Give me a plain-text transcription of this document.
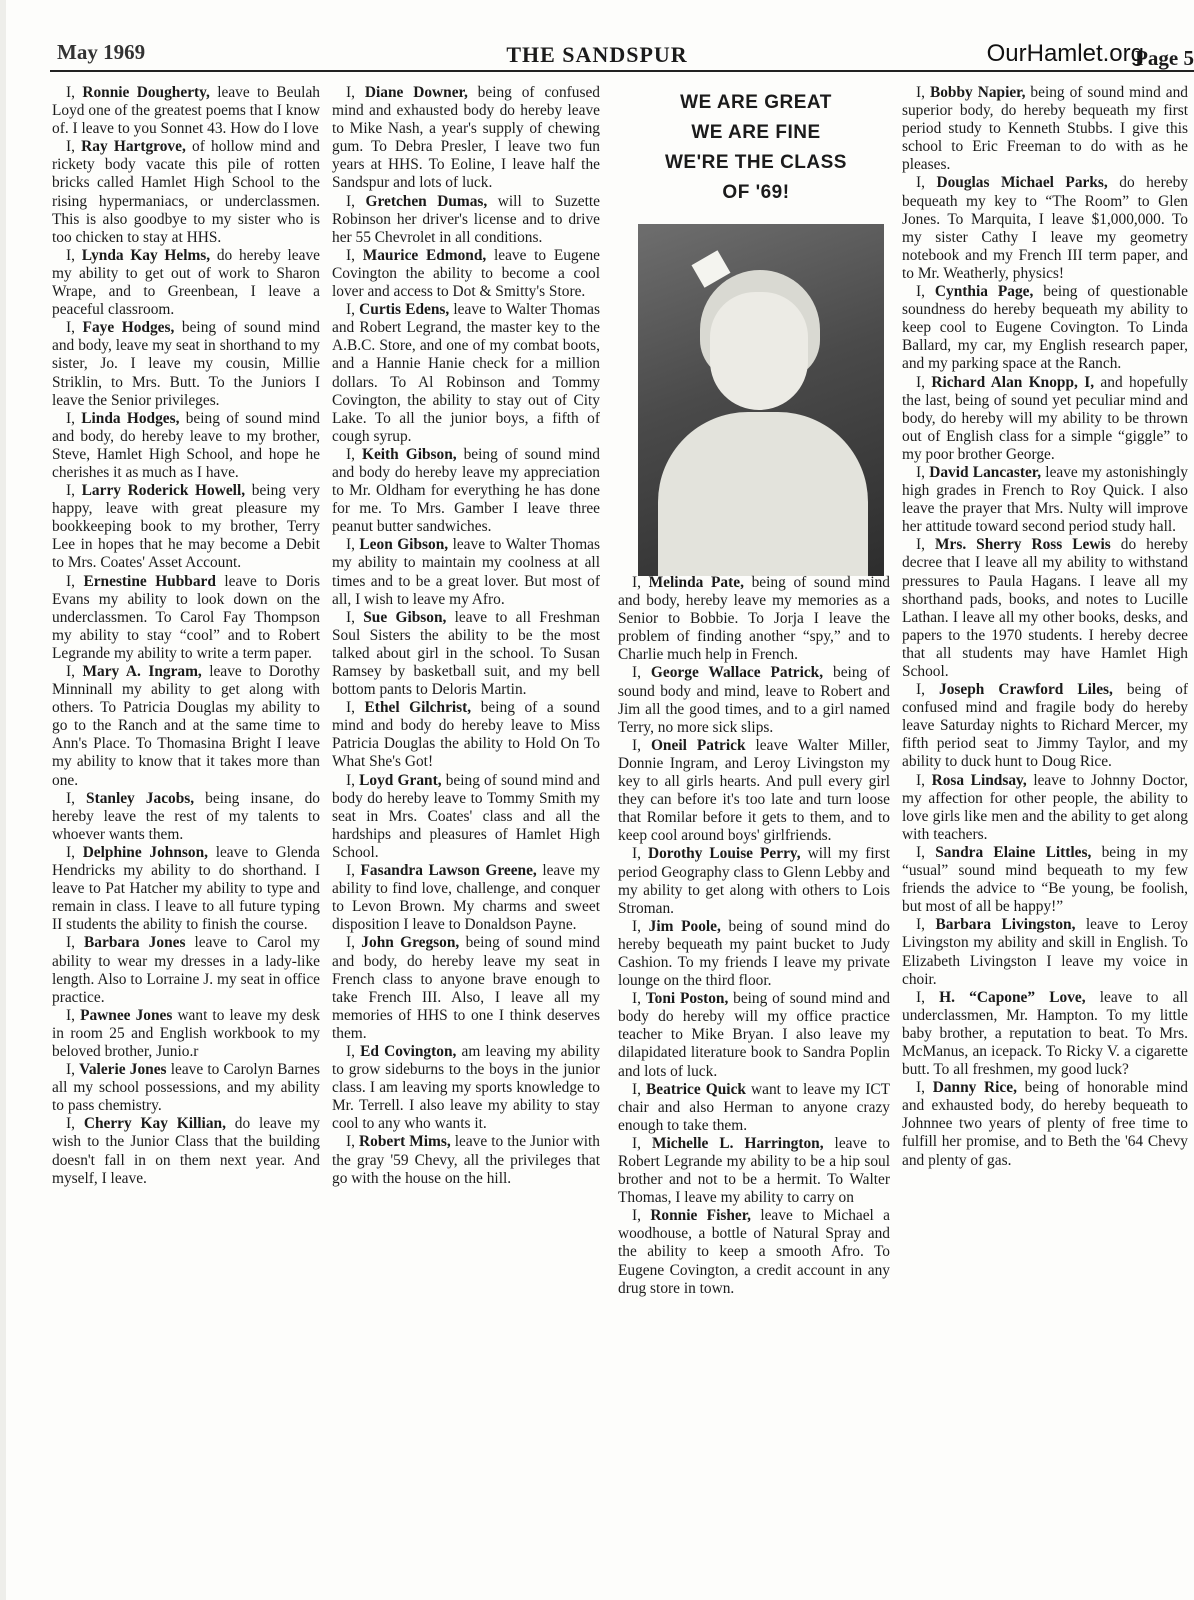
May 1969	THE SANDSPUR	Page 5
OurHamlet.org

I, Ronnie Dougherty, leave to Beulah Loyd one of the greatest poems that I know of. I leave to you Sonnet 43. How do I love

I, Ray Hartgrove, of hollow mind and rickety body vacate this pile of rotten bricks called Hamlet High School to the rising hypermaniacs, or underclassmen. This is also goodbye to my sister who is too chicken to stay at HHS.

I, Lynda Kay Helms, do hereby leave my ability to get out of work to Sharon Wrape, and to Greenbean, I leave a peaceful classroom.

I, Faye Hodges, being of sound mind and body, leave my seat in shorthand to my sister, Jo. I leave my cousin, Millie Striklin, to Mrs. Butt. To the Juniors I leave the Senior privileges.

I, Linda Hodges, being of sound mind and body, do hereby leave to my brother, Steve, Hamlet High School, and hope he cherishes it as much as I have.

I, Larry Roderick Howell, being very happy, leave with great pleasure my bookkeeping book to my brother, Terry Lee in hopes that he may become a Debit to Mrs. Coates' Asset Account.

I, Ernestine Hubbard leave to Doris Evans my ability to look down on the underclassmen. To Carol Fay Thompson my ability to stay “cool” and to Robert Legrande my ability to write a term paper.

I, Mary A. Ingram, leave to Dorothy Minninall my ability to get along with others. To Patricia Douglas my ability to go to the Ranch and at the same time to Ann's Place. To Thomasina Bright I leave my ability to know that it takes more than one.

I, Stanley Jacobs, being insane, do hereby leave the rest of my talents to whoever wants them.

I, Delphine Johnson, leave to Glenda Hendricks my ability to do shorthand. I leave to Pat Hatcher my ability to type and remain in class. I leave to all future typing II students the ability to finish the course.

I, Barbara Jones leave to Carol my ability to wear my dresses in a lady-like length. Also to Lorraine J. my seat in office practice.

I, Pawnee Jones want to leave my desk in room 25 and English workbook to my beloved brother, Junio.r

I, Valerie Jones leave to Carolyn Barnes all my school possessions, and my ability to pass chemistry.

I, Cherry Kay Killian, do leave my wish to the Junior Class that the building doesn't fall in on them next year. And myself, I leave.

I, Diane Downer, being of confused mind and exhausted body do hereby leave to Mike Nash, a year's supply of chewing gum. To Debra Presler, I leave two fun years at HHS. To Eoline, I leave half the Sandspur and lots of luck.

I, Gretchen Dumas, will to Suzette Robinson her driver's license and to drive her 55 Chevrolet in all conditions.

I, Maurice Edmond, leave to Eugene Covington the ability to become a cool lover and access to Dot & Smitty's Store.

I, Curtis Edens, leave to Walter Thomas and Robert Legrand, the master key to the A.B.C. Store, and one of my combat boots, and a Hannie Hanie check for a million dollars. To Al Robinson and Tommy Covington, the ability to stay out of City Lake. To all the junior boys, a fifth of cough syrup.

I, Keith Gibson, being of sound mind and body do hereby leave my appreciation to Mr. Oldham for everything he has done for me. To Mrs. Gamber I leave three peanut butter sandwiches.

I, Leon Gibson, leave to Walter Thomas my ability to maintain my coolness at all times and to be a great lover. But most of all, I wish to leave my Afro.

I, Sue Gibson, leave to all Freshman Soul Sisters the ability to be the most talked about girl in the school. To Susan Ramsey by basketball suit, and my bell bottom pants to Deloris Martin.

I, Ethel Gilchrist, being of a sound mind and body do hereby leave to Miss Patricia Douglas the ability to Hold On To What She's Got!

I, Loyd Grant, being of sound mind and body do hereby leave to Tommy Smith my seat in Mrs. Coates' class and all the hardships and pleasures of Hamlet High School.

I, Fasandra Lawson Greene, leave my ability to find love, challenge, and conquer to Levon Brown. My charms and sweet disposition I leave to Donaldson Payne.

I, John Gregson, being of sound mind and body, do hereby leave my seat in French class to anyone brave enough to take French III. Also, I leave all my memories of HHS to one I think deserves them.

I, Ed Covington, am leaving my ability to grow sideburns to the boys in the junior class. I am leaving my sports knowledge to Mr. Terrell. I also leave my ability to stay cool to any who wants it.

I, Robert Mims, leave to the Junior with the gray '59 Chevy, all the privileges that go with the house on the hill.

WE ARE GREAT
WE ARE FINE
WE'RE THE CLASS
OF '69!

I, Melinda Pate, being of sound mind and body, hereby leave my memories as a Senior to Bobbie. To Jorja I leave the problem of finding another “spy,” and to Charlie much help in French.

I, George Wallace Patrick, being of sound body and mind, leave to Robert and Jim all the good times, and to a girl named Terry, no more sick slips.

I, Oneil Patrick leave Walter Miller, Donnie Ingram, and Leroy Livingston my key to all girls hearts. And pull every girl they can before it's too late and turn loose that Romilar before it gets to them, and to keep cool around boys' girlfriends.

I, Dorothy Louise Perry, will my first period Geography class to Glenn Lebby and my ability to get along with others to Lois Stroman.

I, Jim Poole, being of sound mind do hereby bequeath my paint bucket to Judy Cashion. To my friends I leave my private lounge on the third floor.

I, Toni Poston, being of sound mind and body do hereby will my office practice teacher to Mike Bryan. I also leave my dilapidated literature book to Sandra Poplin and lots of luck.

I, Beatrice Quick want to leave my ICT chair and also Herman to anyone crazy enough to take them.

I, Michelle L. Harrington, leave to Robert Legrande my ability to be a hip soul brother and not to be a hermit. To Walter Thomas, I leave my ability to carry on

I, Ronnie Fisher, leave to Michael a woodhouse, a bottle of Natural Spray and the ability to keep a smooth Afro. To Eugene Covington, a credit account in any drug store in town.

I, Bobby Napier, being of sound mind and superior body, do hereby bequeath my first period study to Kenneth Stubbs. I give this school to Eric Freeman to do with as he pleases.

I, Douglas Michael Parks, do hereby bequeath my key to “The Room” to Glen Jones. To Marquita, I leave $1,000,000. To my sister Cathy I leave my geometry notebook and my French III term paper, and to Mr. Weatherly, physics!

I, Cynthia Page, being of questionable soundness do hereby bequeath my ability to keep cool to Eugene Covington. To Linda Ballard, my car, my English research paper, and my parking space at the Ranch.

I, Richard Alan Knopp, I, and hopefully the last, being of sound yet peculiar mind and body, do hereby will my ability to be thrown out of English class for a simple “giggle” to my poor brother George.

I, David Lancaster, leave my astonishingly high grades in French to Roy Quick. I also leave the prayer that Mrs. Nulty will improve her attitude toward second period study hall.

I, Mrs. Sherry Ross Lewis do hereby decree that I leave all my ability to withstand pressures to Paula Hagans. I leave all my shorthand pads, books, and notes to Lucille Lathan. I leave all my other books, desks, and papers to the 1970 students. I hereby decree that all students may have Hamlet High School.

I, Joseph Crawford Liles, being of confused mind and fragile body do hereby leave Saturday nights to Richard Mercer, my fifth period seat to Jimmy Taylor, and my ability to duck hunt to Doug Rice.

I, Rosa Lindsay, leave to Johnny Doctor, my affection for other people, the ability to love girls like men and the ability to get along with teachers.

I, Sandra Elaine Littles, being in my “usual” sound mind bequeath to my few friends the advice to “Be young, be foolish, but most of all be happy!”

I, Barbara Livingston, leave to Leroy Livingston my ability and skill in English. To Elizabeth Livingston I leave my voice in choir.

I, H. “Capone” Love, leave to all underclassmen, Mr. Hampton. To my little baby brother, a reputation to beat. To Mrs. McManus, an icepack. To Ricky V. a cigarette butt. To all freshmen, my good luck?

I, Danny Rice, being of honorable mind and exhausted body, do hereby bequeath to Johnnee two years of plenty of free time to fulfill her promise, and to Beth the '64 Chevy and plenty of gas.
